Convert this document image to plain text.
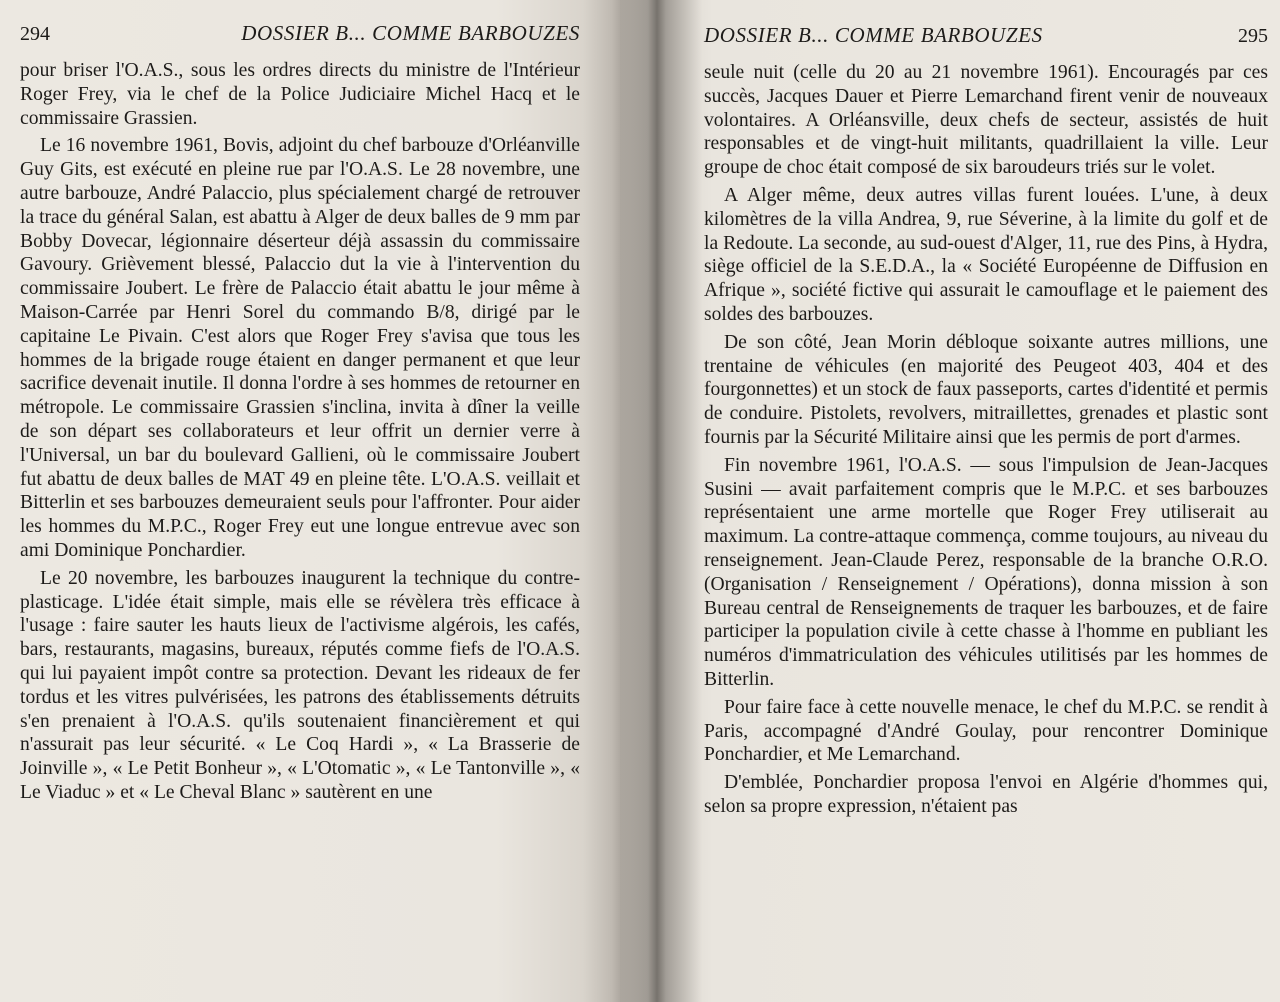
294	DOSSIER B... COMME BARBOUZES

pour briser l'O.A.S., sous les ordres directs du ministre de l'Intérieur Roger Frey, via le chef de la Police Judiciaire Michel Hacq et le commissaire Grassien.

Le 16 novembre 1961, Bovis, adjoint du chef barbouze d'Orléanville Guy Gits, est exécuté en pleine rue par l'O.A.S. Le 28 novembre, une autre barbouze, André Palaccio, plus spécialement chargé de retrouver la trace du général Salan, est abattu à Alger de deux balles de 9 mm par Bobby Dovecar, légionnaire déserteur déjà assassin du commissaire Gavoury. Grièvement blessé, Palaccio dut la vie à l'intervention du commissaire Joubert. Le frère de Palaccio était abattu le jour même à Maison-Carrée par Henri Sorel du commando B/8, dirigé par le capitaine Le Pivain. C'est alors que Roger Frey s'avisa que tous les hommes de la brigade rouge étaient en danger permanent et que leur sacrifice devenait inutile. Il donna l'ordre à ses hommes de retourner en métropole. Le commissaire Grassien s'inclina, invita à dîner la veille de son départ ses collaborateurs et leur offrit un dernier verre à l'Universal, un bar du boulevard Gallieni, où le commissaire Joubert fut abattu de deux balles de MAT 49 en pleine tête. L'O.A.S. veillait et Bitterlin et ses barbouzes demeuraient seuls pour l'affronter. Pour aider les hommes du M.P.C., Roger Frey eut une longue entrevue avec son ami Dominique Ponchardier.

Le 20 novembre, les barbouzes inaugurent la technique du contre-plasticage. L'idée était simple, mais elle se révèlera très efficace à l'usage : faire sauter les hauts lieux de l'activisme algérois, les cafés, bars, restaurants, magasins, bureaux, réputés comme fiefs de l'O.A.S. qui lui payaient impôt contre sa protection. Devant les rideaux de fer tordus et les vitres pulvérisées, les patrons des établissements détruits s'en prenaient à l'O.A.S. qu'ils soutenaient financièrement et qui n'assurait pas leur sécurité. « Le Coq Hardi », « La Brasserie de Joinville », « Le Petit Bonheur », « L'Otomatic », « Le Tantonville », « Le Viaduc » et « Le Cheval Blanc » sautèrent en une

DOSSIER B... COMME BARBOUZES	295

seule nuit (celle du 20 au 21 novembre 1961). Encouragés par ces succès, Jacques Dauer et Pierre Lemarchand firent venir de nouveaux volontaires. A Orléansville, deux chefs de secteur, assistés de huit responsables et de vingt-huit militants, quadrillaient la ville. Leur groupe de choc était composé de six baroudeurs triés sur le volet.

A Alger même, deux autres villas furent louées. L'une, à deux kilomètres de la villa Andrea, 9, rue Séverine, à la limite du golf et de la Redoute. La seconde, au sud-ouest d'Alger, 11, rue des Pins, à Hydra, siège officiel de la S.E.D.A., la « Société Européenne de Diffusion en Afrique », société fictive qui assurait le camouflage et le paiement des soldes des barbouzes.

De son côté, Jean Morin débloque soixante autres millions, une trentaine de véhicules (en majorité des Peugeot 403, 404 et des fourgonnettes) et un stock de faux passeports, cartes d'identité et permis de conduire. Pistolets, revolvers, mitraillettes, grenades et plastic sont fournis par la Sécurité Militaire ainsi que les permis de port d'armes.

Fin novembre 1961, l'O.A.S. — sous l'impulsion de Jean-Jacques Susini — avait parfaitement compris que le M.P.C. et ses barbouzes représentaient une arme mortelle que Roger Frey utiliserait au maximum. La contre-attaque commença, comme toujours, au niveau du renseignement. Jean-Claude Perez, responsable de la branche O.R.O. (Organisation / Renseignement / Opérations), donna mission à son Bureau central de Renseignements de traquer les barbouzes, et de faire participer la population civile à cette chasse à l'homme en publiant les numéros d'immatriculation des véhicules utilitisés par les hommes de Bitterlin.

Pour faire face à cette nouvelle menace, le chef du M.P.C. se rendit à Paris, accompagné d'André Goulay, pour rencontrer Dominique Ponchardier, et Me Lemarchand.

D'emblée, Ponchardier proposa l'envoi en Algérie d'hommes qui, selon sa propre expression, n'étaient pas
